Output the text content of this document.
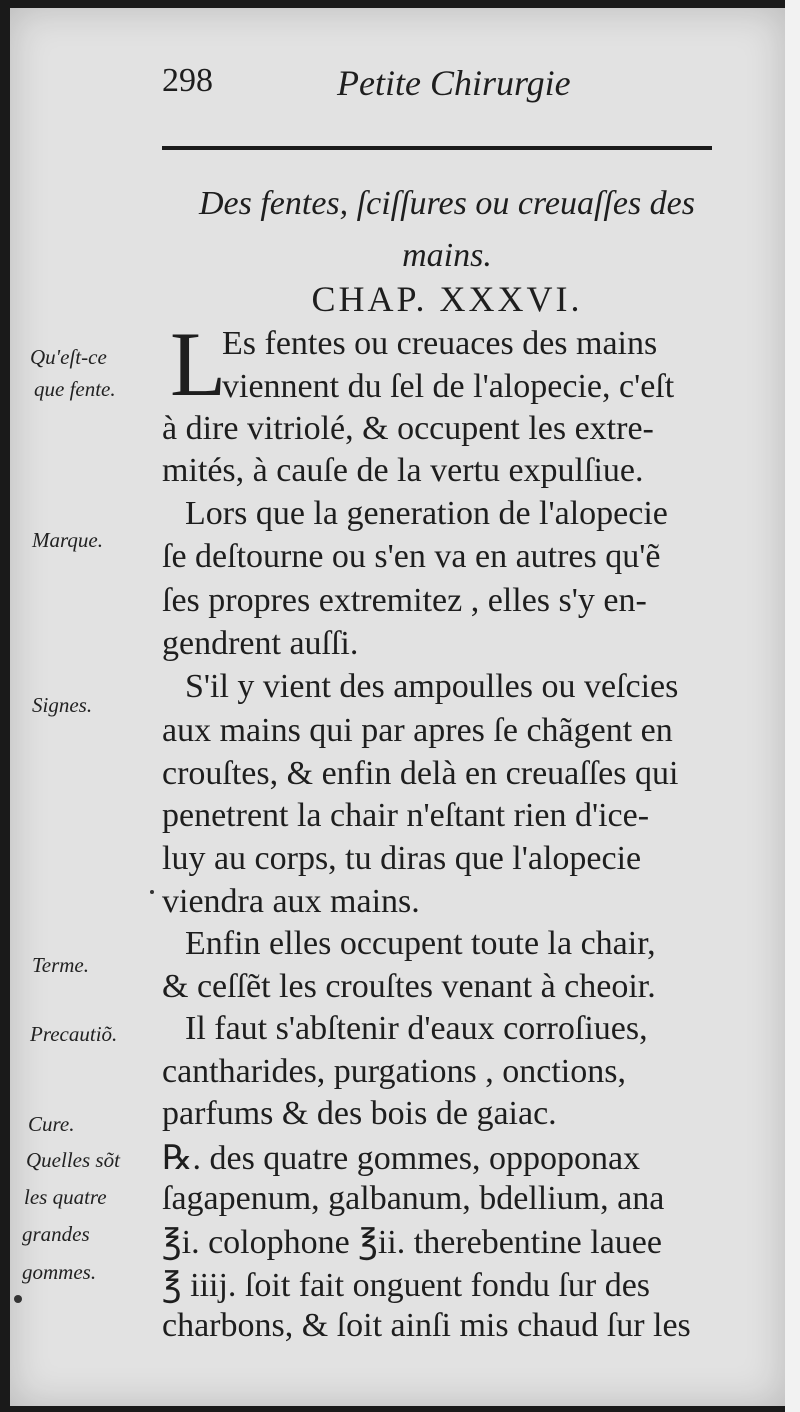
298	Petite Chirurgie
Des fentes, ſciſſures ou creuaſſes des
mains.
CHAP. XXXVI.
L
Es fentes ou creuaces des mains
viennent du ſel de l'alopecie, c'eſt
à dire vitriolé, & occupent les extre-
mités, à cauſe de la vertu expulſiue.
Lors que la generation de l'alopecie
ſe deſtourne ou s'en va en autres qu'ẽ
ſes propres extremitez , elles s'y en-
gendrent auſſi.
S'il y vient des ampoulles ou veſcies
aux mains qui par apres ſe chãgent en
crouſtes, & enfin delà en creuaſſes qui
penetrent la chair n'eſtant rien d'ice-
luy au corps, tu diras que l'alopecie
viendra aux mains.
Enfin elles occupent toute la chair,
& ceſſẽt les crouſtes venant à cheoir.
Il faut s'abſtenir d'eaux corroſiues,
cantharides, purgations , onctions,
parfums & des bois de gaiac.
℞. des quatre gommes, oppoponax
ſagapenum, galbanum, bdellium, ana
℥i. colophone ℥ii. therebentine lauee
℥ iiij. ſoit fait onguent fondu ſur des
charbons, & ſoit ainſi mis chaud ſur les
Qu'eſt-ce
que fente.
Marque.
Signes.
Terme.
Precautiõ.
Cure.
Quelles sõt
les quatre
grandes
gommes.
